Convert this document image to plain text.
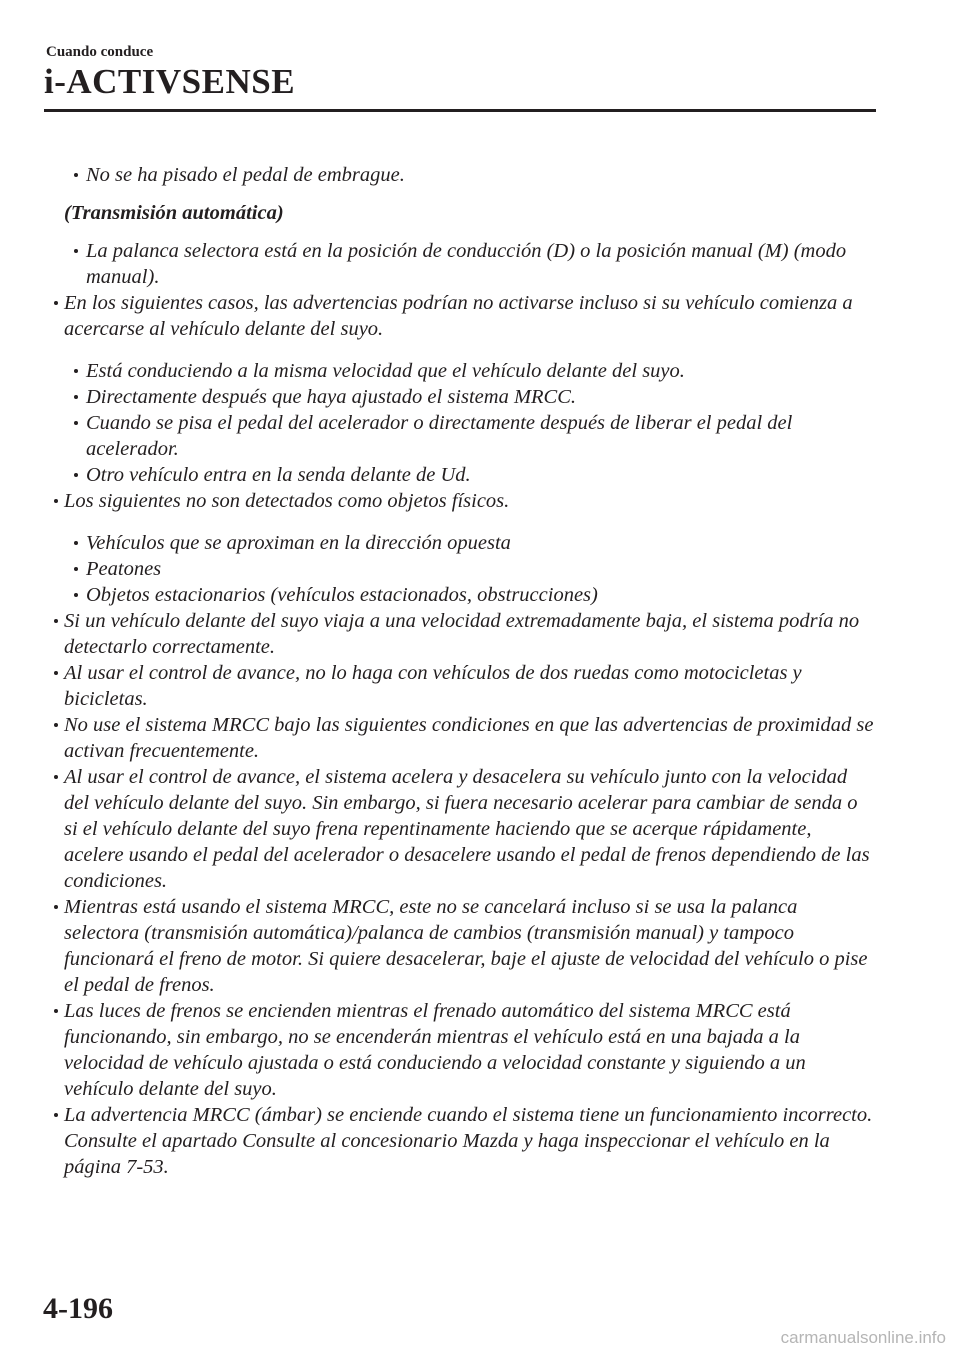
Cuando conduce
i-ACTIVSENSE

No se ha pisado el pedal de embrague.

(Transmisión automática)

La palanca selectora está en la posición de conducción (D) o la posición manual (M) (modo manual).

En los siguientes casos, las advertencias podrían no activarse incluso si su vehículo comienza a acercarse al vehículo delante del suyo.

Está conduciendo a la misma velocidad que el vehículo delante del suyo.

Directamente después que haya ajustado el sistema MRCC.

Cuando se pisa el pedal del acelerador o directamente después de liberar el pedal del acelerador.

Otro vehículo entra en la senda delante de Ud.

Los siguientes no son detectados como objetos físicos.

Vehículos que se aproximan en la dirección opuesta

Peatones

Objetos estacionarios (vehículos estacionados, obstrucciones)

Si un vehículo delante del suyo viaja a una velocidad extremadamente baja, el sistema podría no detectarlo correctamente.

Al usar el control de avance, no lo haga con vehículos de dos ruedas como motocicletas y bicicletas.

No use el sistema MRCC bajo las siguientes condiciones en que las advertencias de proximidad se activan frecuentemente.

Al usar el control de avance, el sistema acelera y desacelera su vehículo junto con la velocidad del vehículo delante del suyo. Sin embargo, si fuera necesario acelerar para cambiar de senda o si el vehículo delante del suyo frena repentinamente haciendo que se acerque rápidamente, acelere usando el pedal del acelerador o desacelere usando el pedal de frenos dependiendo de las condiciones.

Mientras está usando el sistema MRCC, este no se cancelará incluso si se usa la palanca selectora (transmisión automática)/palanca de cambios (transmisión manual) y tampoco funcionará el freno de motor. Si quiere desacelerar, baje el ajuste de velocidad del vehículo o pise el pedal de frenos.

Las luces de frenos se encienden mientras el frenado automático del sistema MRCC está funcionando, sin embargo, no se encenderán mientras el vehículo está en una bajada a la velocidad de vehículo ajustada o está conduciendo a velocidad constante y siguiendo a un vehículo delante del suyo.

La advertencia MRCC (ámbar) se enciende cuando el sistema tiene un funcionamiento incorrecto.

Consulte el apartado Consulte al concesionario Mazda y haga inspeccionar el vehículo en la página 7-53.

4-196
carmanualsonline.info
